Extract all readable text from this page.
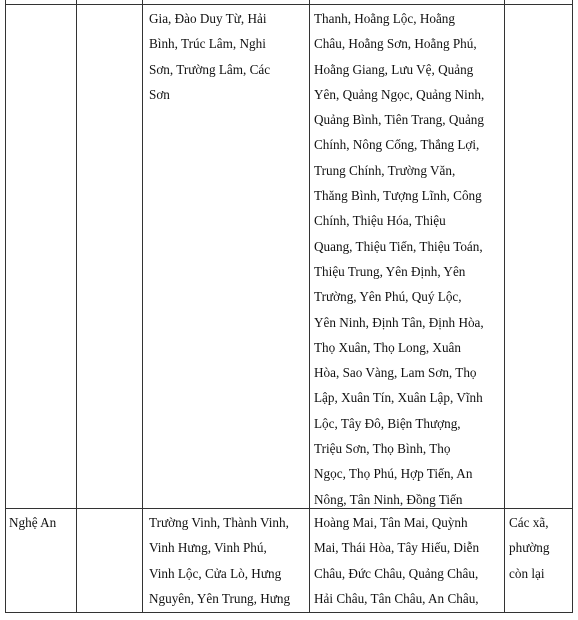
Gia, Đào Duy Từ, Hải
Bình, Trúc Lâm, Nghi
Sơn, Trường Lâm, Các
Sơn
Thanh, Hoằng Lộc, Hoằng
Châu, Hoằng Sơn, Hoằng Phú,
Hoằng Giang, Lưu Vệ, Quảng
Yên, Quảng Ngọc, Quảng Ninh,
Quảng Bình, Tiên Trang, Quảng
Chính, Nông Cống, Thắng Lợi,
Trung Chính, Trường Văn,
Thăng Bình, Tượng Lĩnh, Công
Chính, Thiệu Hóa, Thiệu
Quang, Thiệu Tiến, Thiệu Toán,
Thiệu Trung, Yên Định, Yên
Trường, Yên Phú, Quý Lộc,
Yên Ninh, Định Tân, Định Hòa,
Thọ Xuân, Thọ Long, Xuân
Hòa, Sao Vàng, Lam Sơn, Thọ
Lập, Xuân Tín, Xuân Lập, Vĩnh
Lộc, Tây Đô, Biện Thượng,
Triệu Sơn, Thọ Bình, Thọ
Ngọc, Thọ Phú, Hợp Tiến, An
Nông, Tân Ninh, Đồng Tiến
Nghệ An	Trường Vinh, Thành Vinh,
Vinh Hưng, Vinh Phú,
Vinh Lộc, Cửa Lò, Hưng
Nguyên, Yên Trung, Hưng
Hoàng Mai, Tân Mai, Quỳnh
Mai, Thái Hòa, Tây Hiếu, Diễn
Châu, Đức Châu, Quảng Châu,
Hải Châu, Tân Châu, An Châu,
Các xã,
phường
còn lại
